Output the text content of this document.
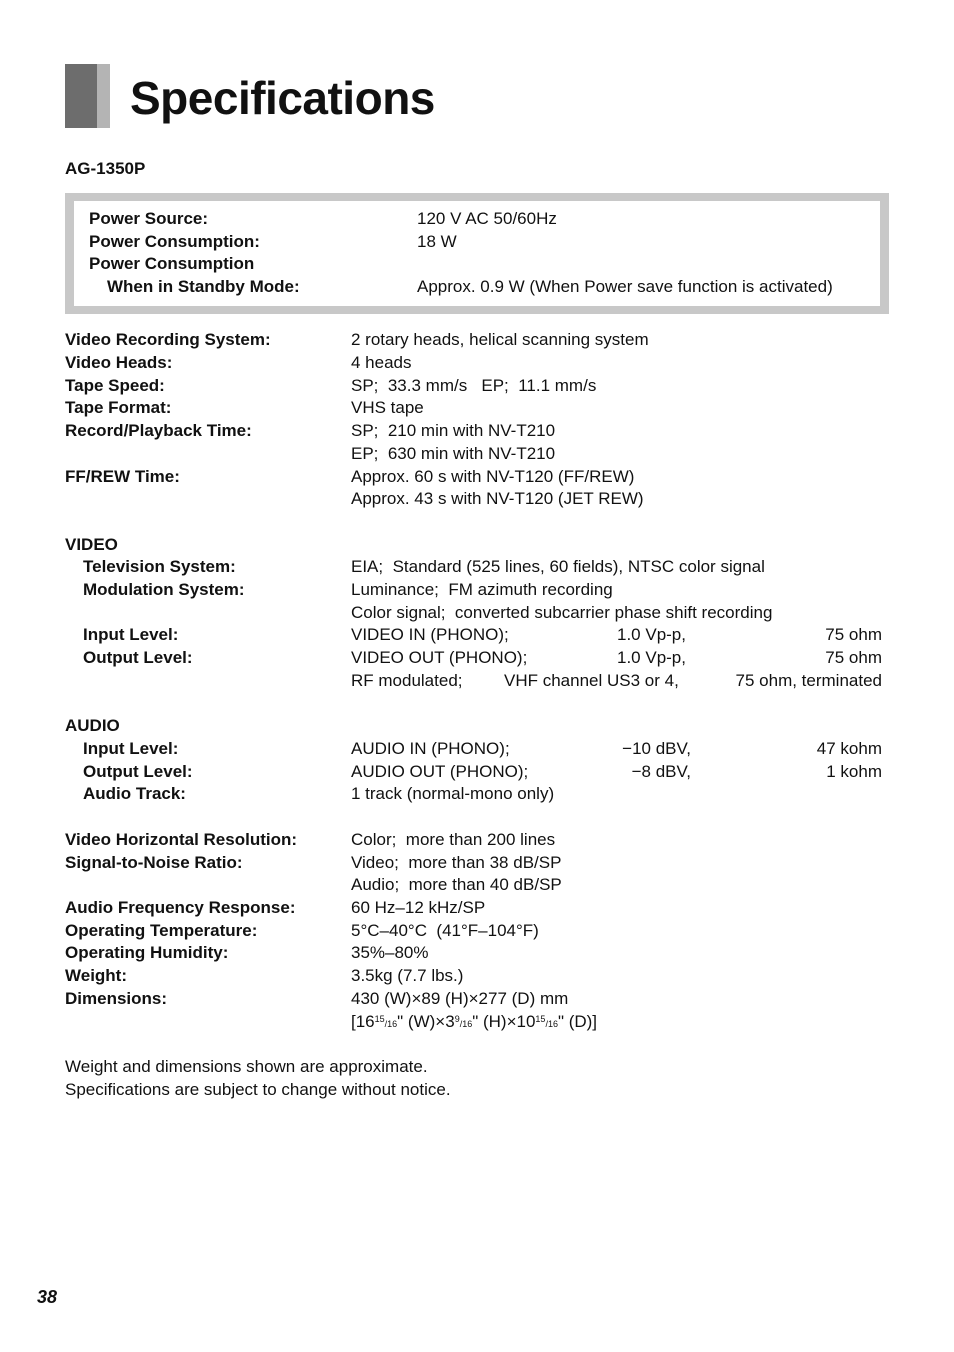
Specifications
AG-1350P
Power Source:	120 V AC 50/60Hz
Power Consumption:	18 W
Power Consumption
When in Standby Mode:	Approx. 0.9 W (When Power save function is activated)
Video Recording System:	2 rotary heads, helical scanning system
Video Heads:	4 heads
Tape Speed:	SP;  33.3 mm/s   EP;  11.1 mm/s
Tape Format:	VHS tape
Record/Playback Time:	SP;  210 min with NV-T210
EP;  630 min with NV-T210
FF/REW Time:	Approx. 60 s with NV-T120 (FF/REW)
Approx. 43 s with NV-T120 (JET REW)
VIDEO
Television System:	EIA;  Standard (525 lines, 60 fields), NTSC color signal
Modulation System:	Luminance;  FM azimuth recording
Color signal;  converted subcarrier phase shift recording
Input Level:	VIDEO IN (PHONO);	1.0 Vp-p,	75 ohm
Output Level:	VIDEO OUT (PHONO);	1.0 Vp-p,	75 ohm
RF modulated; VHF channel US3 or 4,	75 ohm, terminated
AUDIO
Input Level:	AUDIO IN (PHONO);	−10 dBV,	47 kohm
Output Level:	AUDIO OUT (PHONO);	−8 dBV,	1 kohm
Audio Track:	1 track (normal-mono only)
Video Horizontal Resolution:	Color;  more than 200 lines
Signal-to-Noise Ratio:	Video;  more than 38 dB/SP
Audio;  more than 40 dB/SP
Audio Frequency Response:	60 Hz–12 kHz/SP
Operating Temperature:	5°C–40°C  (41°F–104°F)
Operating Humidity:	35%–80%
Weight:	3.5kg (7.7 lbs.)
Dimensions:	430 (W)×89 (H)×277 (D) mm
[$16^{15}/16$" $(W)\times 3^9/16$" $(H)\times 10^{15}/16$" (D)]
Weight and dimensions shown are approximate.
Specifications are subject to change without notice.
38
